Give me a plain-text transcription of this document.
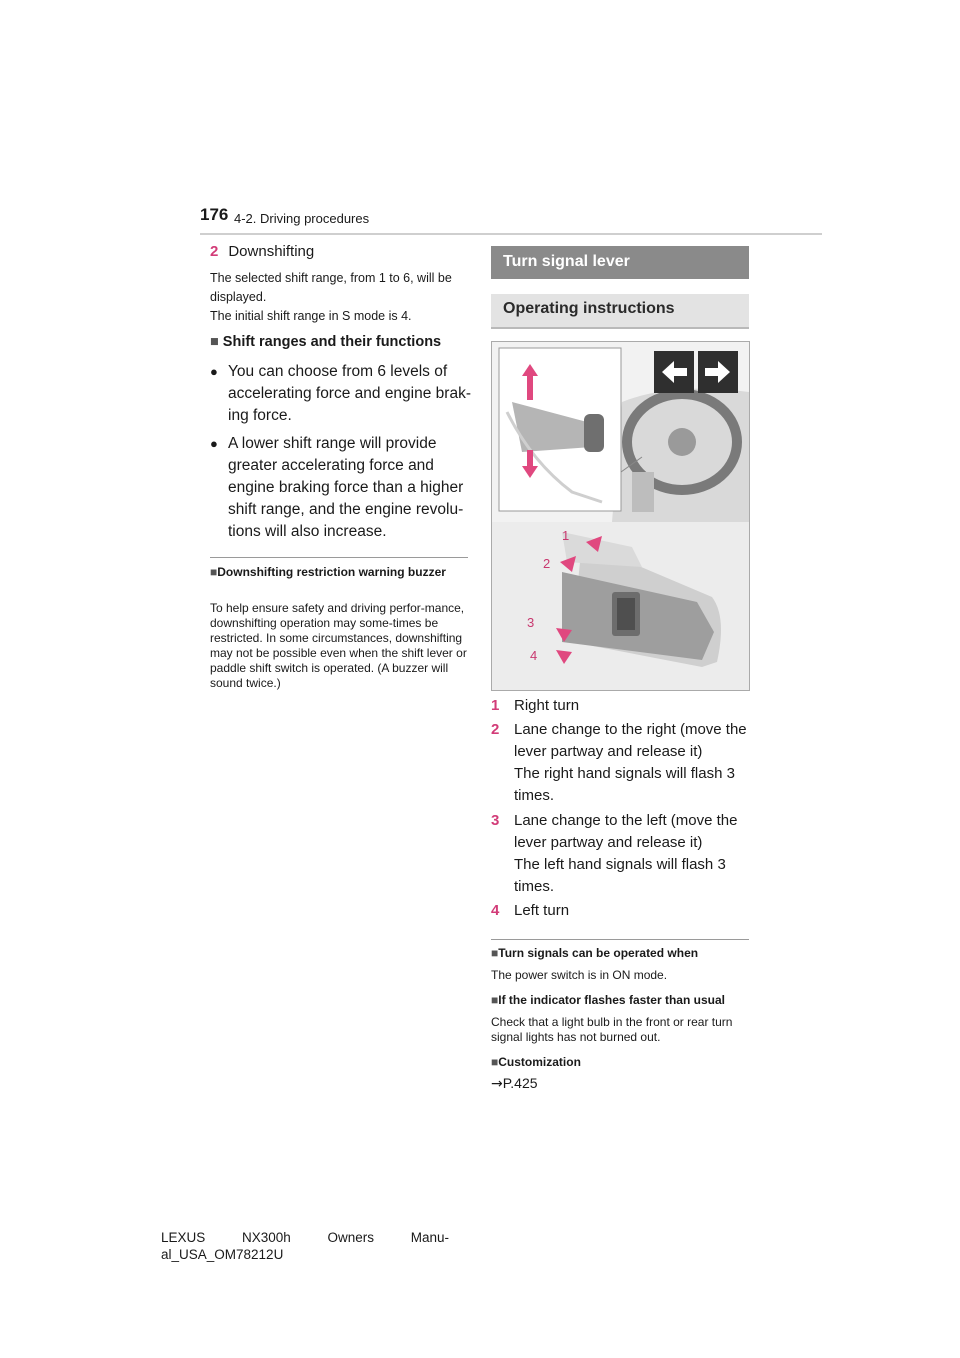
176 4-2. Driving procedures
2 Downshifting
The selected shift range, from 1 to 6, will be displayed.
The initial shift range in S mode is 4.
■ Shift ranges and their functions
● You can choose from 6 levels of accelerating force and engine brak-ing force.
● A lower shift range will provide greater accelerating force and engine braking force than a higher shift range, and the engine revolu-tions will also increase.
■Downshifting restriction warning buzzer
To help ensure safety and driving perfor-mance, downshifting operation may some-times be restricted. In some circumstances, downshifting may not be possible even when the shift lever or paddle shift switch is operated. (A buzzer will sound twice.)
Turn signal lever
Operating instructions
1
2
3
4
1 Right turn
2 Lane change to the right (move the lever partway and release it)
The right hand signals will flash 3 times.
3 Lane change to the left (move the lever partway and release it)
The left hand signals will flash 3 times.
4 Left turn
■Turn signals can be operated when
The power switch is in ON mode.
■If the indicator flashes faster than usual
Check that a light bulb in the front or rear turn signal lights has not burned out.
■Customization
→P.425
LEXUS NX300h Owners Manu-
al_USA_OM78212U
